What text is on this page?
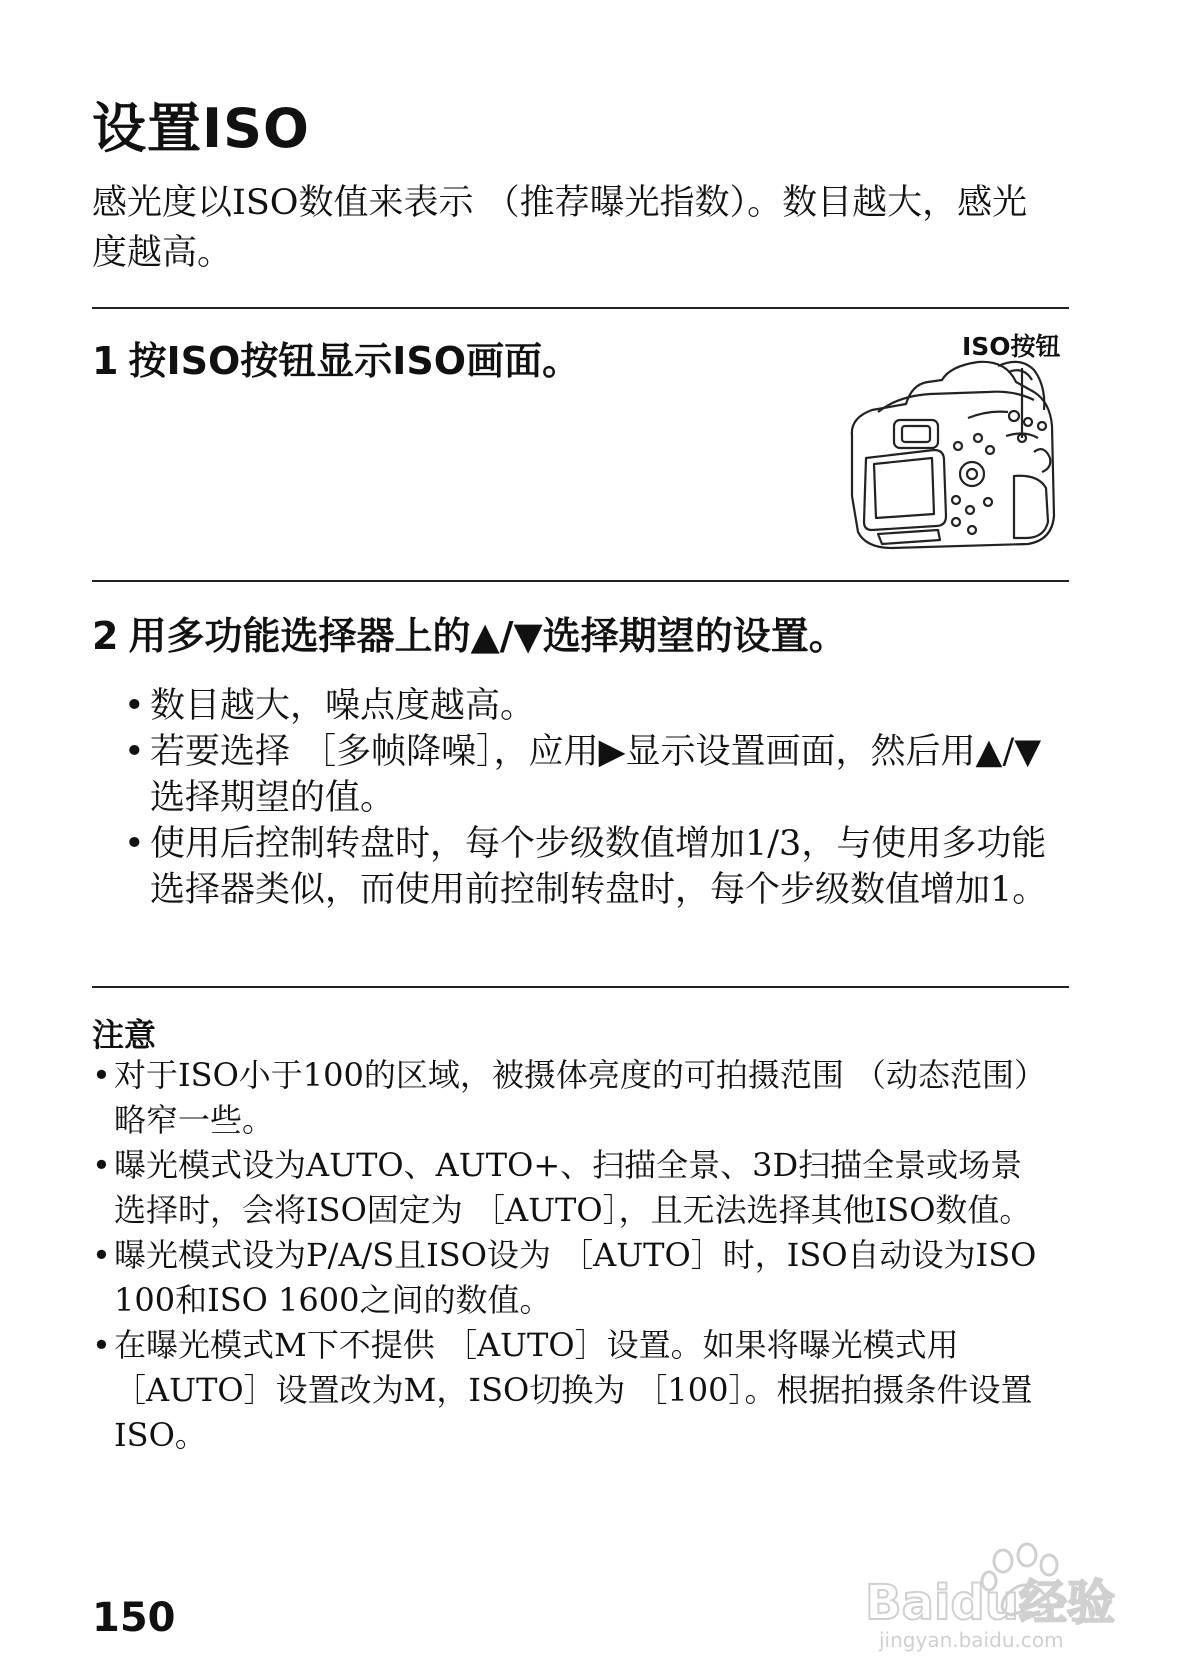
设置ISO

感光度以ISO数值来表示 （推荐曝光指数）。数目越大，感光度越高。

1 按ISO按钮显示ISO画面。	ISO按钮
2 用多功能选择器上的▲/▼选择期望的设置。
• 数目越大，噪点度越高。
• 若要选择 ［多帧降噪］，应用▶显示设置画面，然后用▲/▼选择期望的值。
• 使用后控制转盘时，每个步级数值增加1/3，与使用多功能选择器类似，而使用前控制转盘时，每个步级数值增加1。
注意
• 对于ISO小于100的区域，被摄体亮度的可拍摄范围 （动态范围）略窄一些。
• 曝光模式设为AUTO、AUTO+、扫描全景、3D扫描全景或场景选择时，会将ISO固定为 ［AUTO］，且无法选择其他ISO数值。
• 曝光模式设为P/A/S且ISO设为 ［AUTO］时，ISO自动设为ISO 100和ISO 1600之间的数值。
• 在曝光模式M下不提供 ［AUTO］设置。如果将曝光模式用［AUTO］设置改为M，ISO切换为 ［100］。根据拍摄条件设置ISO。
150	Baidu经验
jingyan.baidu.com
